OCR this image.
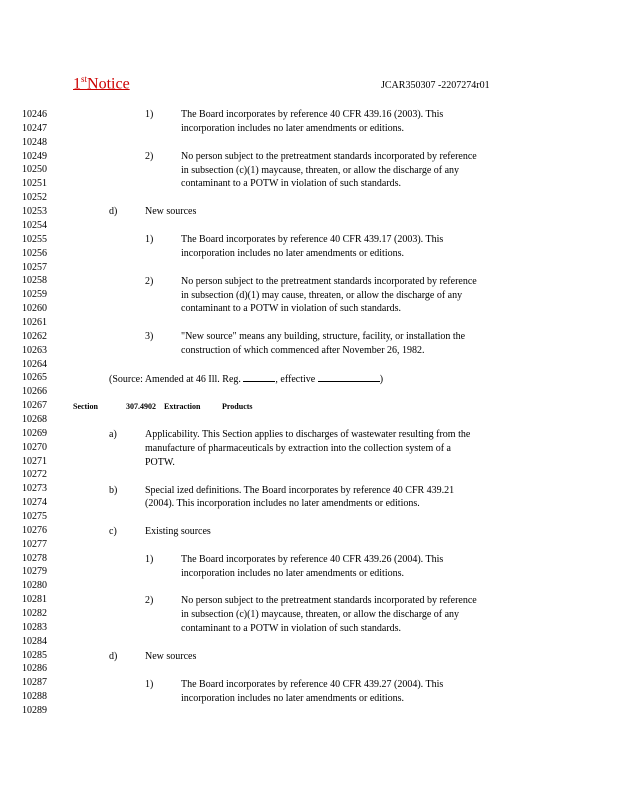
1stNotice	JCAR350307 -2207274r01
10246
10247
10248
10249
10250
10251
10252
10253
10254
10255
10256
10257
10258
10259
10260
10261
10262
10263
10264
10265
10266
10267
10268
10269
10270
10271
10272
10273
10274
10275
10276
10277
10278
10279
10280
10281
10282
10283
10284
10285
10286
10287
10288
10289
1)	The Board incorporates by reference 40 CFR 439.16 (2003). This
incorporation includes no later amendments or editions.
2)	No person subject to the pretreatment standards incorporated by reference
in subsection (c)(1) maycause, threaten, or allow the discharge of any
contaminant to a POTW in violation of such standards.
d)	New sources
1)	The Board incorporates by reference 40 CFR 439.17 (2003). This
incorporation includes no later amendments or editions.
2)	No person subject to the pretreatment standards incorporated by reference
in subsection (d)(1) may cause, threaten, or allow the discharge of any
contaminant to a POTW in violation of such standards.
3)	"New source" means any building, structure, facility, or installation the
construction of which commenced after November 26, 1982.
(Source: Amended at 46 Ill. Reg.	, effective	)
Section	307.4902 Extraction	Products
a)	Applicability. This Section applies to discharges of wastewater resulting from the
manufacture of pharmaceuticals by extraction into the collection system of a
POTW.
b)	Special ized definitions. The Board incorporates by reference 40 CFR 439.21
(2004). This incorporation includes no later amendments or editions.
c)	Existing sources
1)	The Board incorporates by reference 40 CFR 439.26 (2004). This
incorporation includes no later amendments or editions.
2)	No person subject to the pretreatment standards incorporated by reference
in subsection (c)(1) maycause, threaten, or allow the discharge of any
contaminant to a POTW in violation of such standards.
d)	New sources
1)	The Board incorporates by reference 40 CFR 439.27 (2004). This
incorporation includes no later amendments or editions.
